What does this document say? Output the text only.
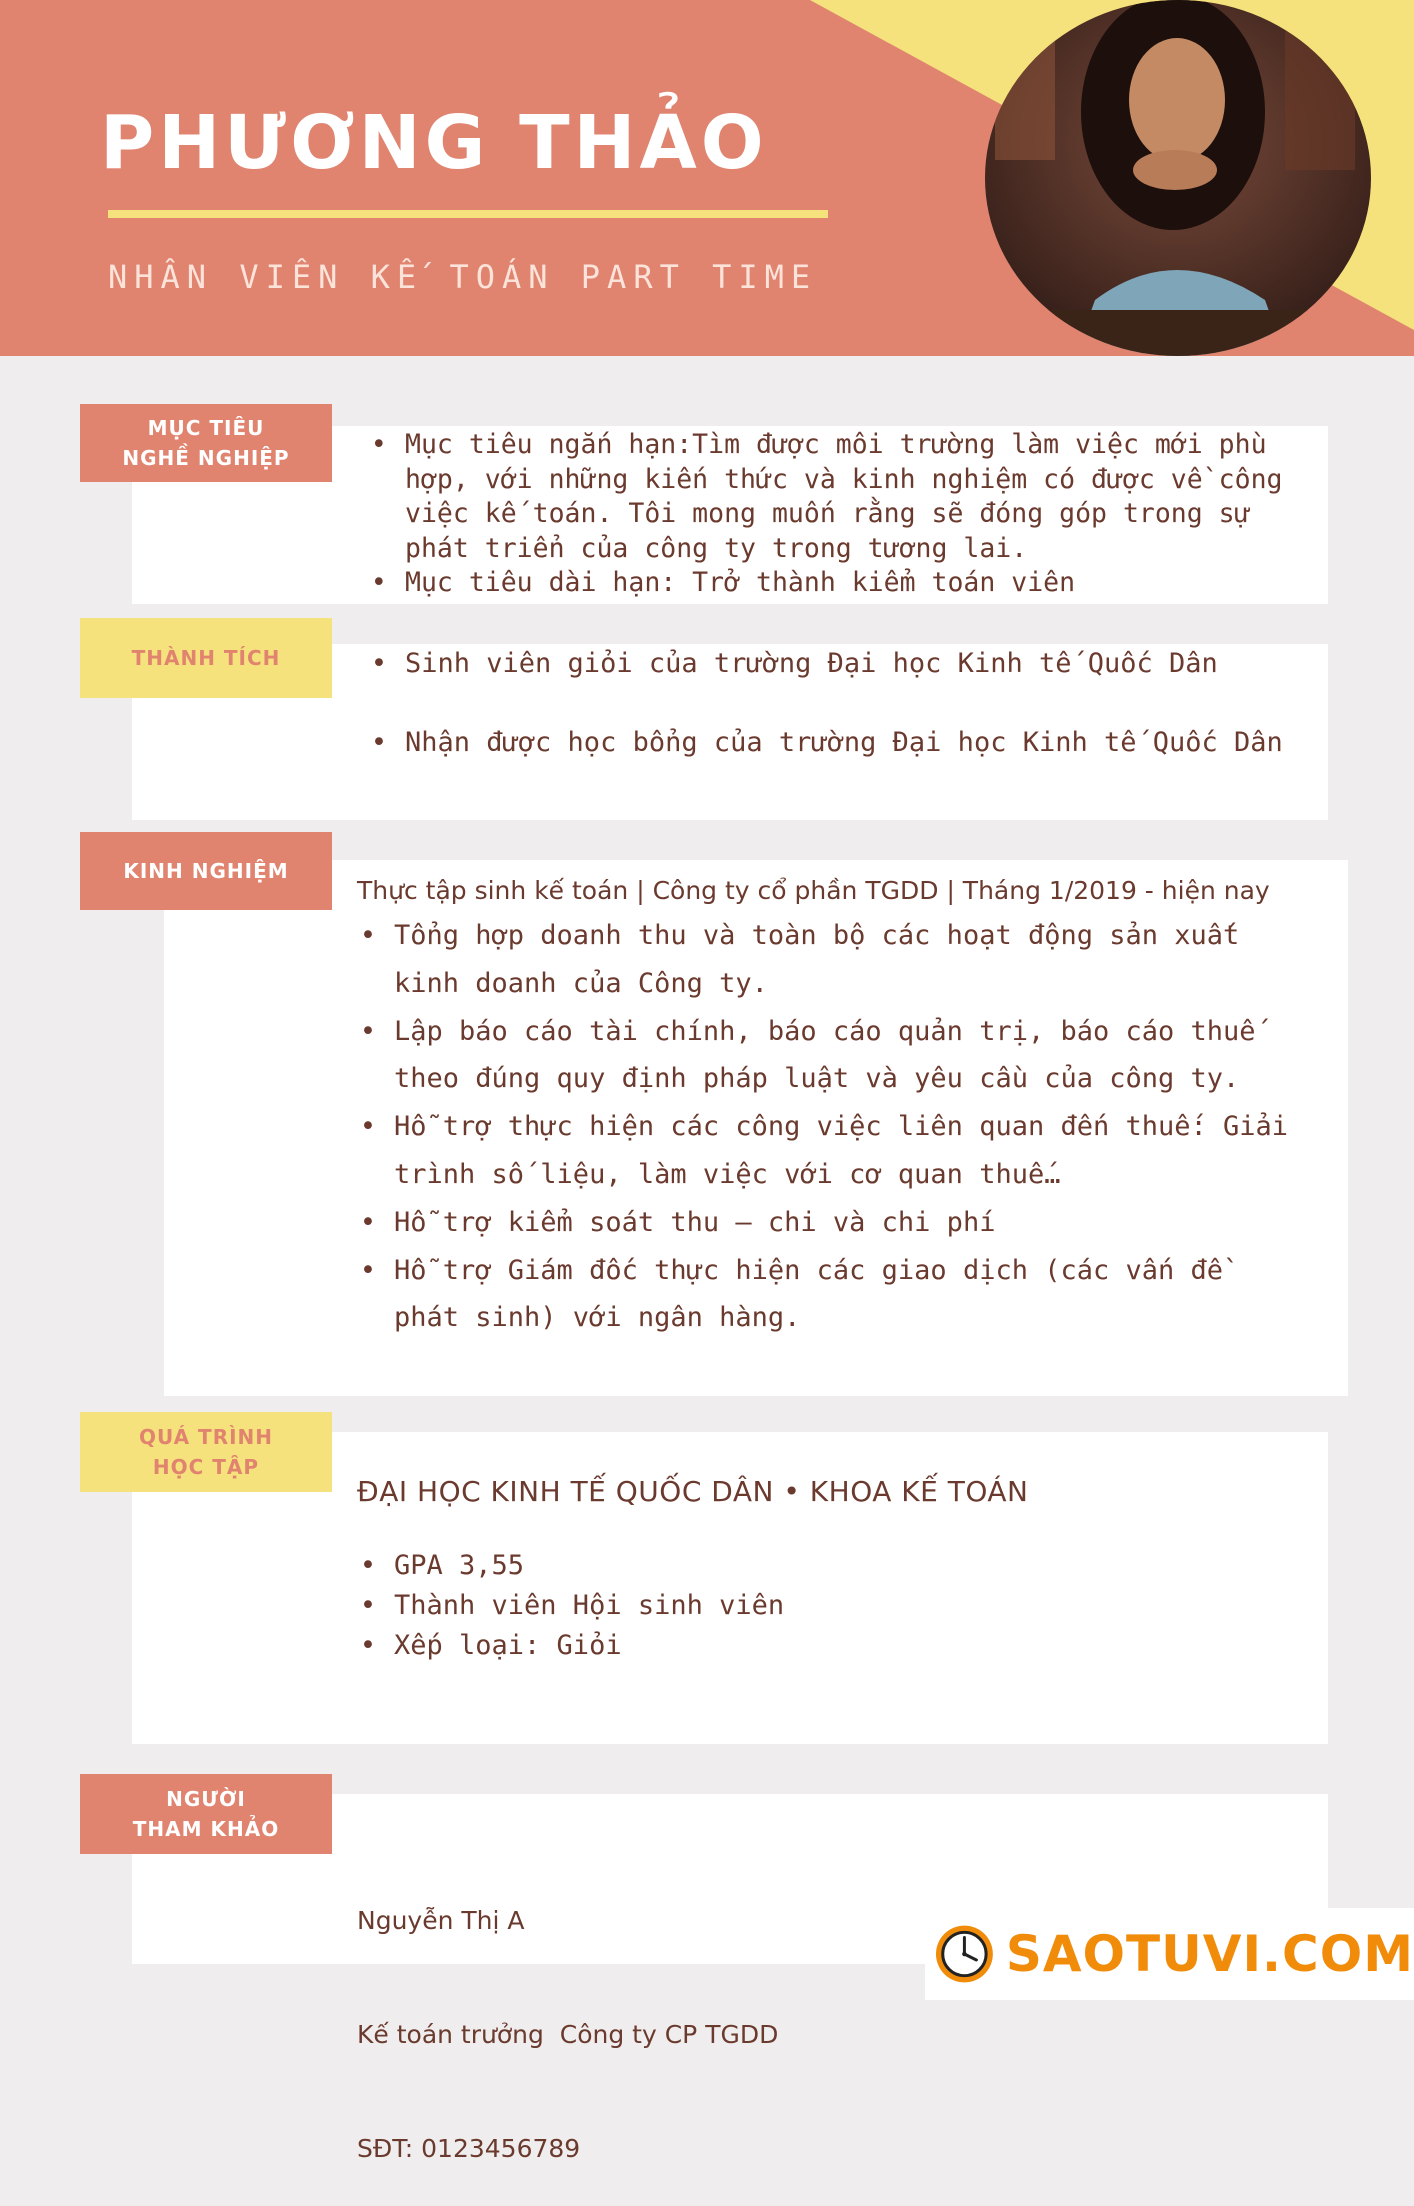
PHƯƠNG THẢO
NHÂN VIÊN KẾ TOÁN PART TIME
MỤC TIÊU
NGHỀ NGHIỆP	• Mục tiêu ngắn hạn:Tìm được môi trường làm việc mới phù hợp, với những kiến thức và kinh nghiệm có được về công việc kế toán. Tôi mong muốn rằng sẽ đóng góp trong sự phát triển của công ty trong tương lai.
• Mục tiêu dài hạn: Trở thành kiểm toán viên
THÀNH TÍCH	• Sinh viên giỏi của trường Đại học Kinh tế Quốc Dân
• Nhận được học bổng của trường Đại học Kinh tế Quốc Dân
KINH NGHIỆM
Thực tập sinh kế toán | Công ty cổ phần TGDD | Tháng 1/2019 - hiện nay
• Tổng hợp doanh thu và toàn bộ các hoạt động sản xuất kinh doanh của Công ty.
• Lập báo cáo tài chính, báo cáo quản trị, báo cáo thuế theo đúng quy định pháp luật và yêu cầu của công ty.
• Hỗ trợ thực hiện các công việc liên quan đến thuế: Giải trình số liệu, làm việc với cơ quan thuế…
• Hỗ trợ kiểm soát thu – chi và chi phí
• Hỗ trợ Giám đốc thực hiện các giao dịch (các vấn đề phát sinh) với ngân hàng.
QUÁ TRÌNH
HỌC TẬP
ĐẠI HỌC KINH TẾ QUỐC DÂN • KHOA KẾ TOÁN
• GPA 3,55
• Thành viên Hội sinh viên
• Xếp loại: Giỏi
NGƯỜI
THAM KHẢO

Nguyễn Thị A

Kế toán trưởng  Công ty CP TGDD

SĐT: 0123456789

SAOTUVI.COM
